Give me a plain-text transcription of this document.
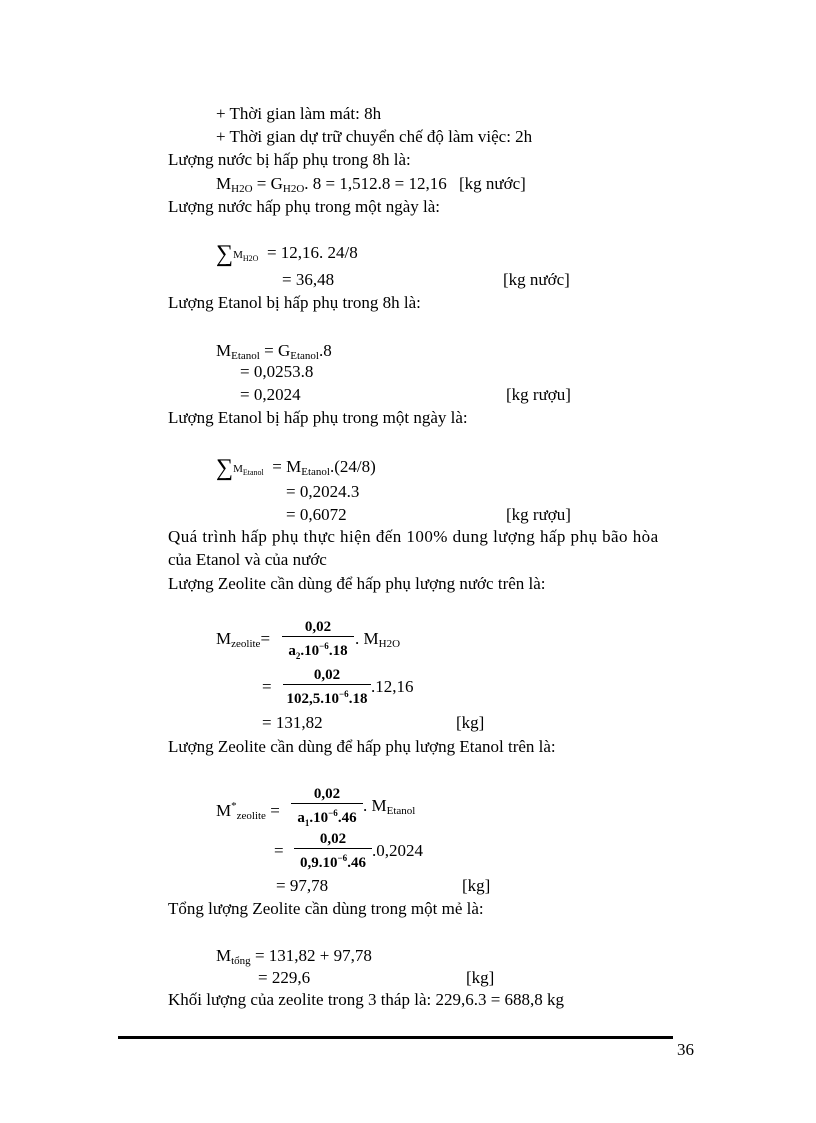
+ Thời gian làm mát: 8h
+ Thời gian dự trữ chuyển chế độ làm việc: 2h
Lượng nước bị hấp phụ trong 8h là:
$M_{H2O} = G_{H2O}$. 8 = 1,512.8 = 12,16 [kg nước]
Lượng nước hấp phụ trong một ngày là:
$\sum M_{H2O} = 12,16$. 24/8
= 36,48	[kg nước]
Lượng Etanol bị hấp phụ trong 8h là:
$M_{Etanol} = G_{Etanol}.8$
= 0,0253.8
= 0,2024	[kg rượu]
Lượng Etanol bị hấp phụ trong một ngày là:
$\sum M_{Etanol} = M_{Etanol}.(24/8)$
= 0,2024.3
= 0,6072	[kg rượu]
Quá trình hấp phụ thực hiện đến 100% dung lượng hấp phụ bão hòa
của Etanol và của nước
Lượng Zeolite cần dùng để hấp phụ lượng nước trên là:
$M_{zeolite}=$
0,02
$a_2.10^{-6}.18$
. $M_{H2O}$
=
0,02
$102,5.10^{-6}.18$
.12,16
= 131,82	[kg]
Lượng Zeolite cần dùng để hấp phụ lượng Etanol trên là:
$M^*_{zeolite}$ =
0,02
$a_1.10^{-6}.46$
. $M_{Etanol}$
=
0,02
$0,9.10^{-6}.46$
.0,2024
= 97,78	[kg]
Tổng lượng Zeolite cần dùng trong một mẻ là:
$M_{tổng} = 131,82 + 97,78$
= 229,6	[kg]
Khối lượng của zeolite trong 3 tháp là: 229,6.3 = 688,8 kg
36
